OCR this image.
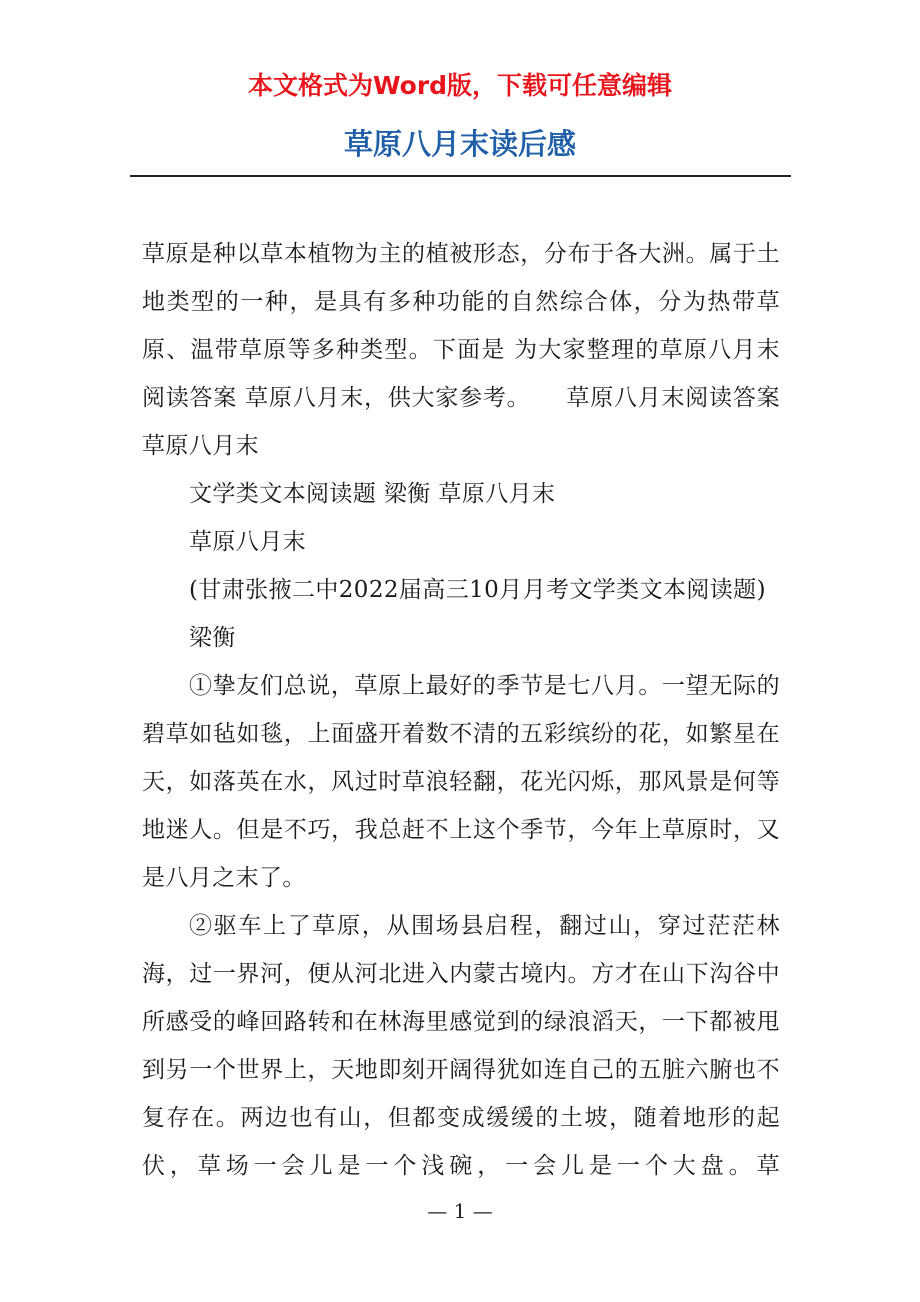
本文格式为Word版，下载可任意编辑
草原八月末读后感

草原是种以草本植物为主的植被形态，分布于各大洲。属于土地类型的一种，是具有多种功能的自然综合体，分为热带草原、温带草原等多种类型。下面是 为大家整理的草原八月末阅读答案 草原八月末，供大家参考。　　草原八月末阅读答案 草原八月末

文学类文本阅读题 梁衡 草原八月末

草原八月末

(甘肃张掖二中2022届高三10月月考文学类文本阅读题)

梁衡

①挚友们总说，草原上最好的季节是七八月。一望无际的碧草如毡如毯，上面盛开着数不清的五彩缤纷的花，如繁星在天，如落英在水，风过时草浪轻翻，花光闪烁，那风景是何等地迷人。但是不巧，我总赶不上这个季节，今年上草原时，又是八月之末了。

②驱车上了草原，从围场县启程，翻过山，穿过茫茫林海，过一界河，便从河北进入内蒙古境内。方才在山下沟谷中所感受的峰回路转和在林海里感觉到的绿浪滔天，一下都被甩到另一个世界上，天地即刻开阔得犹如连自己的五脏六腑也不复存在。两边也有山，但都变成缓缓的土坡，随着地形的起伏，草场一会儿是一个浅碗，一会儿是一个大盘。草

— 1 —
